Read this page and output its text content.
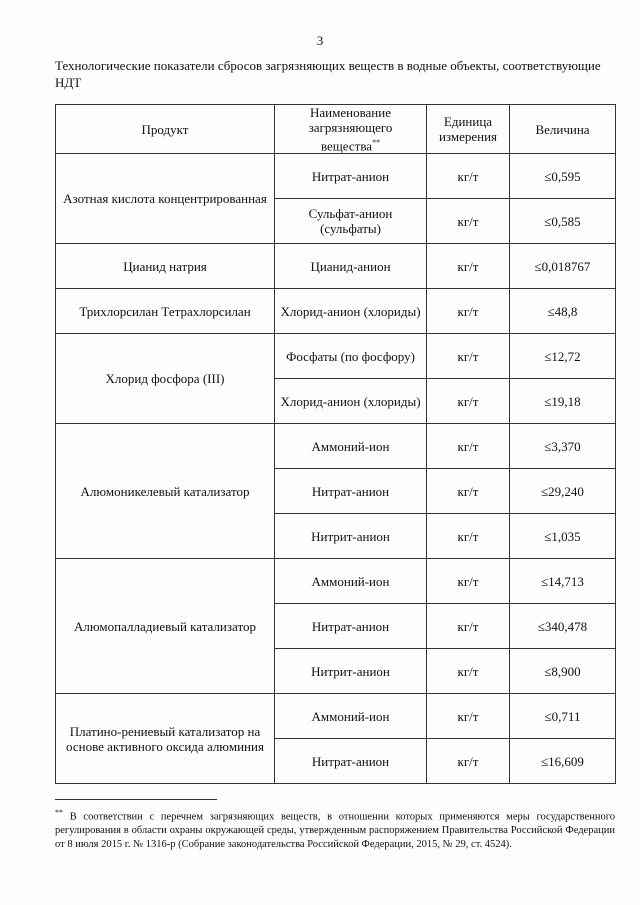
3
Технологические показатели сбросов загрязняющих веществ в водные объекты, соответствующие НДТ
Продукт	Наименование загрязняющего вещества**	Единица измерения	Величина
Азотная кислота концентрированная	Нитрат-анион	кг/т	≤0,595
	Сульфат-анион (сульфаты)	кг/т	≤0,585
Цианид натрия	Цианид-анион	кг/т	≤0,018767
Трихлорсилан Тетрахлорсилан	Хлорид-анион (хлориды)	кг/т	≤48,8
Хлорид фосфора (III)	Фосфаты (по фосфору)	кг/т	≤12,72
	Хлорид-анион (хлориды)	кг/т	≤19,18
Алюмоникелевый катализатор	Аммоний-ион	кг/т	≤3,370
	Нитрат-анион	кг/т	≤29,240
	Нитрит-анион	кг/т	≤1,035
Алюмопалладиевый катализатор	Аммоний-ион	кг/т	≤14,713
	Нитрат-анион	кг/т	≤340,478
	Нитрит-анион	кг/т	≤8,900
Платино-рениевый катализатор на основе активного оксида алюминия	Аммоний-ион	кг/т	≤0,711
	Нитрат-анион	кг/т	≤16,609
** В соответствии с перечнем загрязняющих веществ, в отношении которых применяются меры государственного регулирования в области охраны окружающей среды, утвержденным распоряжением Правительства Российской Федерации от 8 июля 2015 г. № 1316-р (Собрание законодательства Российской Федерации, 2015, № 29, ст. 4524).
